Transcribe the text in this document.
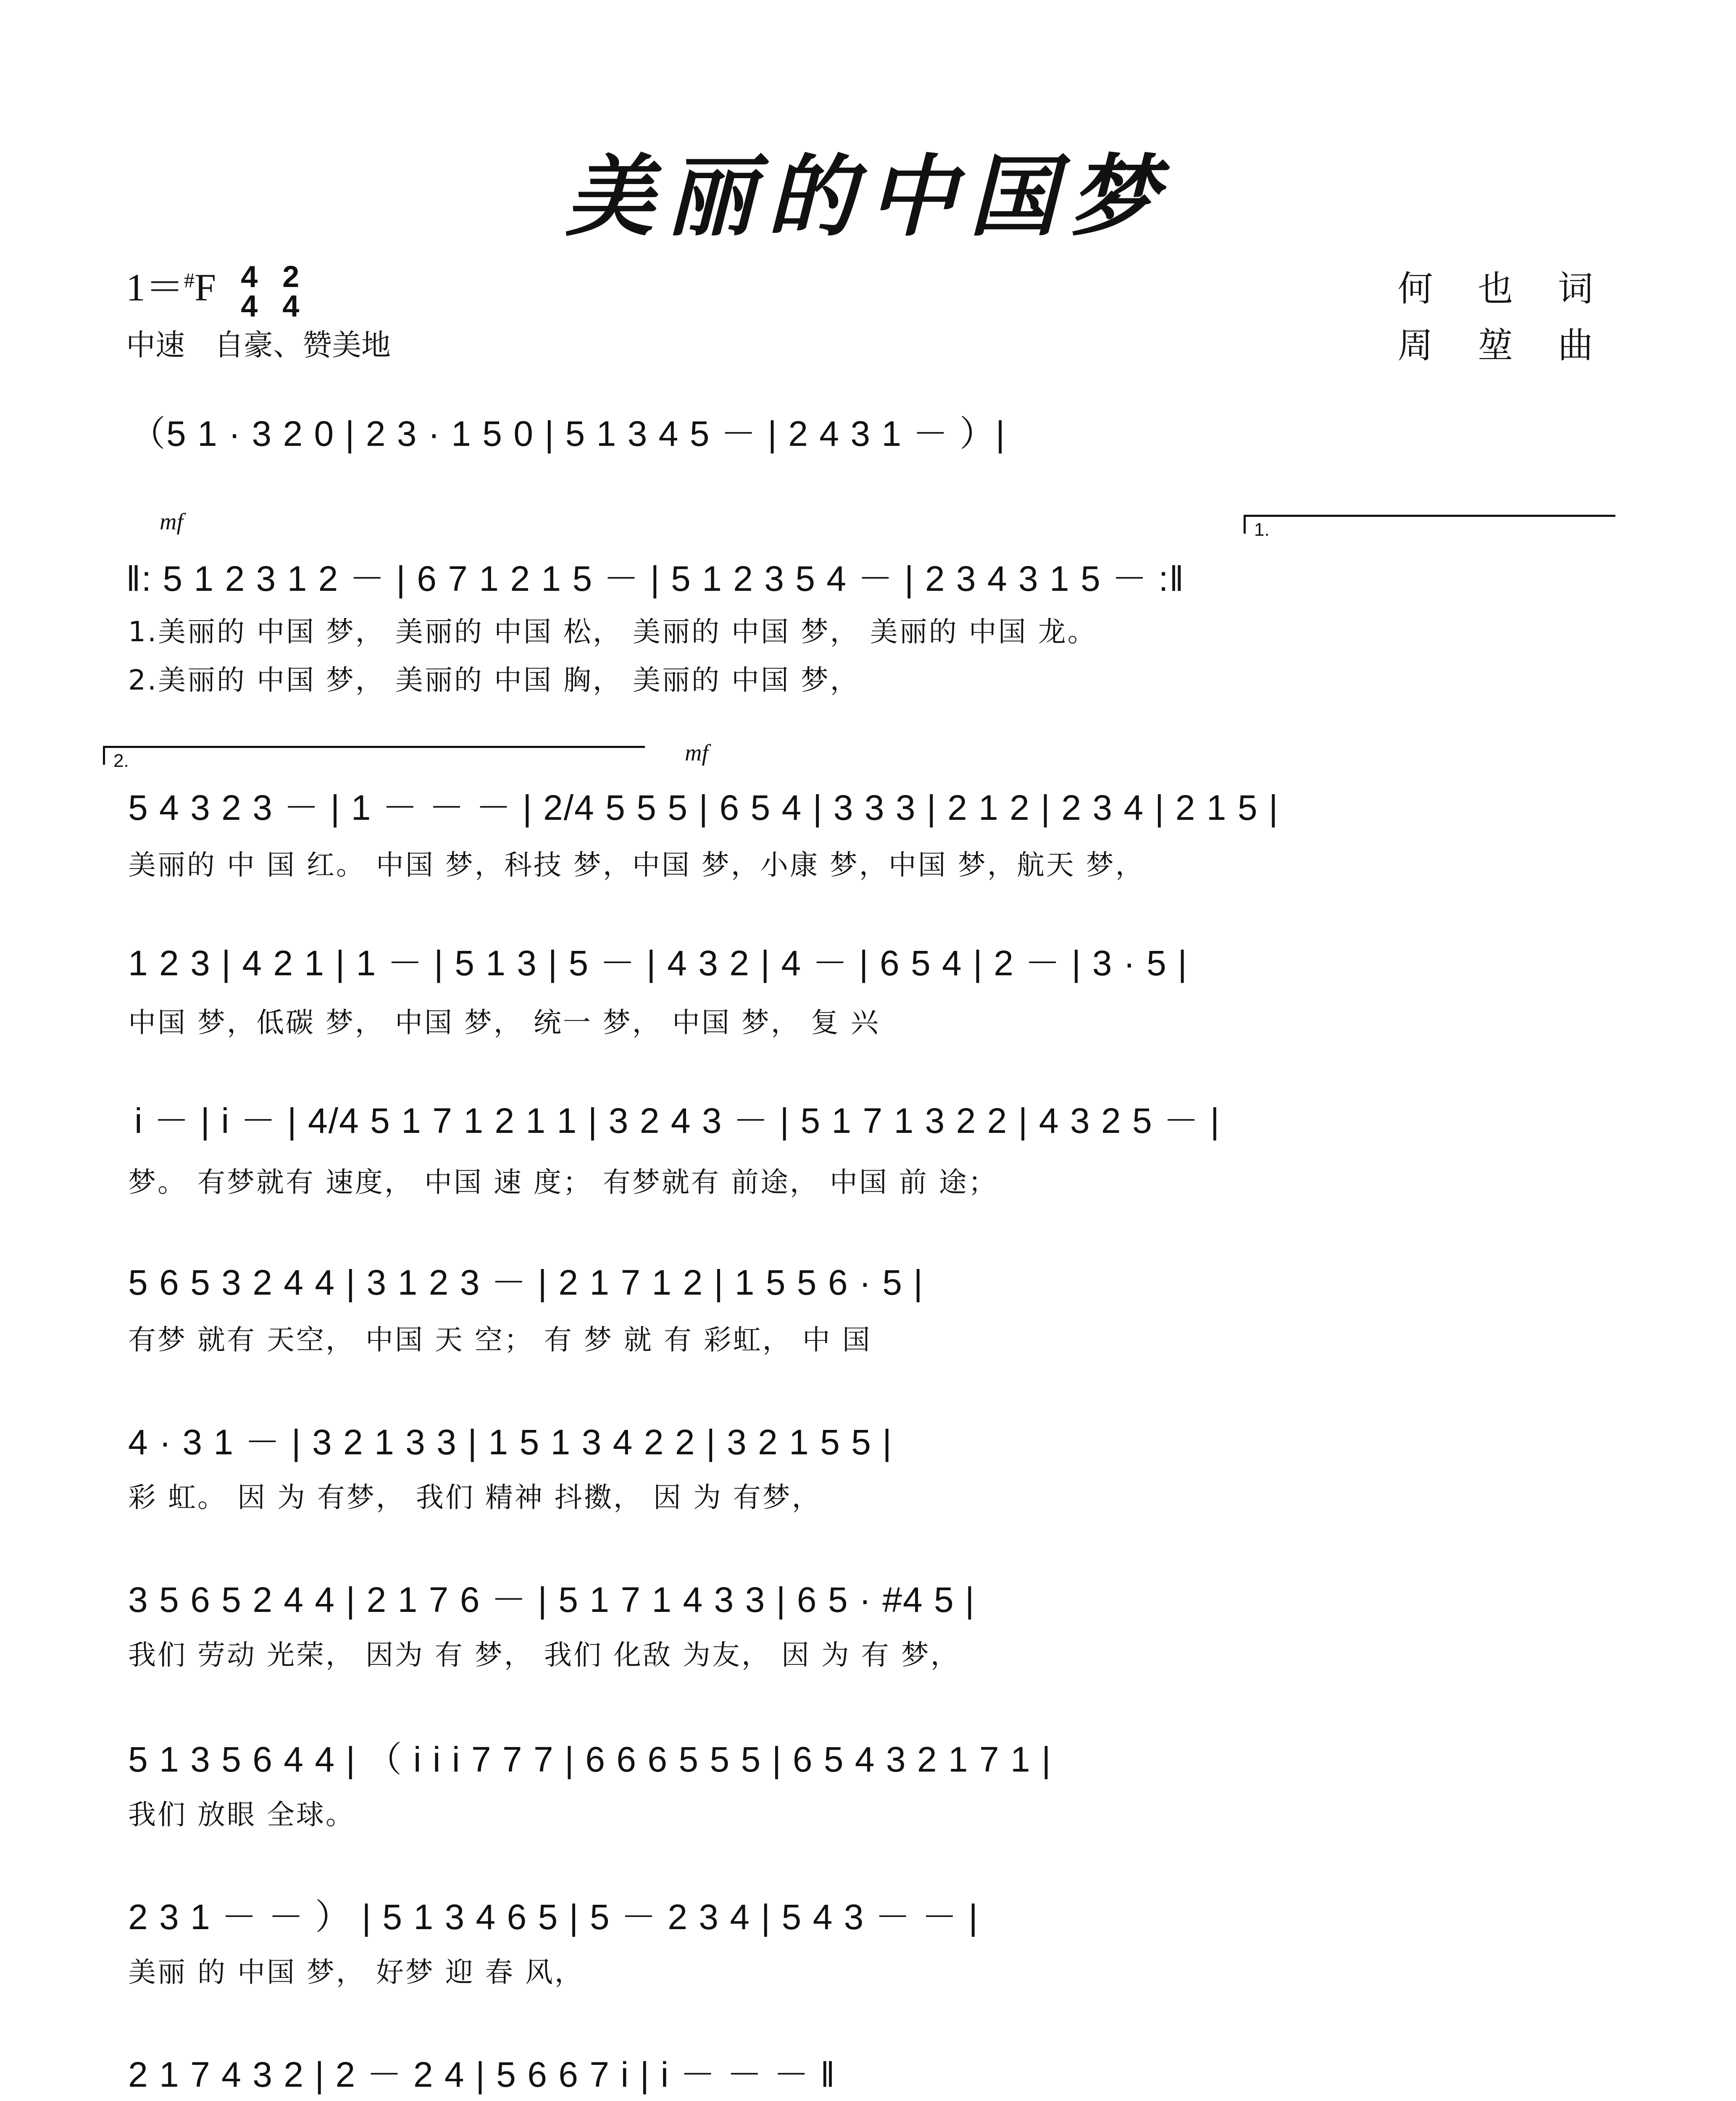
美丽的中国梦
1＝#F 4
4

2
4
中速　自豪、赞美地
何 也 词
周 堃 曲
（5 1 · 3 2 0 | 2 3 · 1 5 0 | 5 1 3 4 5 － | 2 4 3 1 － ）|
mf	1.
‖: 5 1 2 3 1 2 － | 6 7 1 2 1 5 － | 5 1 2 3 5 4 － | 2 3 4 3 1 5 － :‖
1.美丽的 中国 梦， 美丽的 中国 松， 美丽的 中国 梦， 美丽的 中国 龙。
2.美丽的 中国 梦， 美丽的 中国 胸， 美丽的 中国 梦，
2.	mf
5 4 3 2 3 － | 1 － － － | 2/4 5 5 5 | 6 5 4 | 3 3 3 | 2 1 2 | 2 3 4 | 2 1 5 |
美丽的 中 国 红。 中国 梦，科技 梦，中国 梦，小康 梦，中国 梦，航天 梦，
1 2 3 | 4 2 1 | 1 － | 5 1 3 | 5 － | 4 3 2 | 4 － | 6 5 4 | 2 － | 3 · 5 |
中国 梦，低碳 梦， 中国 梦， 统一 梦， 中国 梦， 复 兴
i － | i － | 4/4 5 1 7 1 2 1 1 | 3 2 4 3 － | 5 1 7 1 3 2 2 | 4 3 2 5 － |
梦。 有梦就有 速度， 中国 速 度； 有梦就有 前途， 中国 前 途；
5 6 5 3 2 4 4 | 3 1 2 3 － | 2 1 7 1 2 | 1 5 5 6 · 5 |
有梦 就有 天空， 中国 天 空； 有 梦 就 有 彩虹， 中 国
4 · 3 1 － | 3 2 1 3 3 | 1 5 1 3 4 2 2 | 3 2 1 5 5 |
彩 虹。 因 为 有梦， 我们 精神 抖擞， 因 为 有梦，
3 5 6 5 2 4 4 | 2 1 7 6 － | 5 1 7 1 4 3 3 | 6 5 · #4 5 |
我们 劳动 光荣， 因为 有 梦， 我们 化敌 为友， 因 为 有 梦，
5 1 3 5 6 4 4 | （ i i i 7 7 7 | 6 6 6 5 5 5 | 6 5 4 3 2 1 7 1 |
我们 放眼 全球。
2 3 1 － － ） | 5 1 3 4 6 5 | 5 － 2 3 4 | 5 4 3 － － |
美丽 的 中国 梦， 好梦 迎 春 风，
2 1 7 4 3 2 | 2 － 2 4 | 5 6 6 7 i | i － － － ‖
